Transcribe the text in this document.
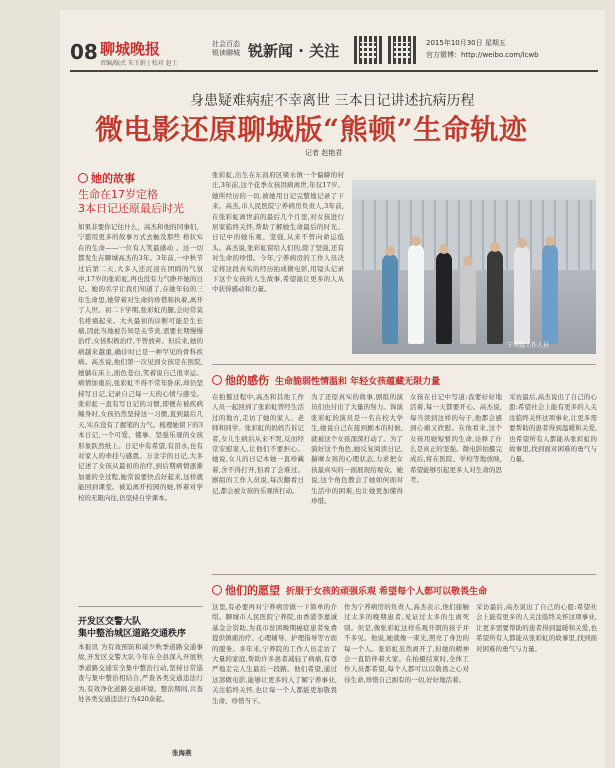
08 聊城晚报
责编/版式 朱玉娟 | 校对 赵士
社会百态 锐读聊城 锐新闻 · 关注	2015年10月30日 星期五
官方微博：http://weibo.com/lcwb
身患疑难病症不幸离世 三本日记讲述抗病历程
微电影还原聊城版“熊顿”生命轨迹
记者 赵艳君
她的故事
生命在17岁定格
3本日记还原最后时光
如果非要你记住什么，高杰和他的同事们，宁愿用更多的故事方式去触及那些 格状实在的生命——一位有人笑最感动 。这一切都发生在聊城高杰的3年。3年前,一中秋节过后第二天,大多人还沉浸在团圆的气氛中,17岁的张彩虹,再也没有力气睁开她的日记。她的名字让我们知道了,在她年轻的三年生命里,她带着对生命的珍惜和执着,离开了人世。初二下学期,张彩虹的腿,会时常莫名疼痛起来。大夫最初的诊断可能是生长痛,因此当地被告知是关节炎,需要长期慢慢治疗,女孩积极治疗,不曾放弃。但后来,她的病越来越重,确诊时已是一种罕见的骨科疾病。高杰说,他们第一次见到女孩是在医院,她躺在床上,面色苍白,笑着说自己很幸运。病情加重后,张彩虹不得不常年卧床,却仍坚持写日记,记录自己每一天的心情与感受。张彩虹一直有写日记的习惯,即便在被疾病缠身时,女孩仍然坚持这一习惯,直到最后几天,实在没有了握笔的力气。梳理她留下的3本日记,一个可爱、懂事、坚强乐观的女孩形象跃然纸上。日记中有希望,有泪水,也有对家人的牵挂与感恩。万念字的日记,大多记述了女孩从最初的治疗,到后期病情逐渐加重的全过程,她常说要快点好起来,这样就能回到课堂。被迫离开校园的她,怀着对学校的无限向往,仍坚持自学课本。
张彩虹,出生在东昌府区梁水镇一个偏僻的村庄,3年前,这个花季女孩因病离世,年仅17岁。她所经历的一切,被她用日记完整地记录了下来。高杰,市人民医院宁养病房负责人,3年前,在张彩虹离世前的最后几个月里,对女孩进行居家临终关怀,帮助了解她生命最后的时光。日记中的她乐观、坚强,从来不曾向命运低头。高杰说,张彩虹留给人们的,除了坚强,还有对生命的珍惜。今年,宁养病房的工作人员决定将这段真实的经历拍成微电影,用镜头记录下这个女孩的人生故事,希望能让更多的人从中获得感动和力量。
宁秀霞工作人员
他的感伤 生命脆弱性情温和 年轻女孩蕴藏无限力量
在拍摄过程中,高杰和其他工作人员一起回到了张彩虹曾经生活过的地方,走访了她的家人、老师和同学。张彩虹的妈妈告诉记者,女儿生病后从来不哭,反而经常安慰家人,让他们不要担心。她说,女儿的日记本她一直珍藏着,舍不得打开,怕看了会难过。剧组的工作人员说,每次翻看日记,都会被女孩的乐观所打动。
为了还原真实的故事,剧组的演员们也付出了大量的努力。饰演张彩虹的演员是一名在校大学生,她说自己在接到剧本的时候,就被这个女孩深深打动了。为了演好这个角色,她反复阅读日记,揣摩女孩的心理状态,力求把女孩最真实的一面展现给观众。她说,这个角色教会了她如何面对生活中的困难,也让她更加懂得珍惜。
女孩在日记中写道:我要好好地活着,每一天都要开心。高杰说,每当读到这样的句子,他都会感到心痛又欣慰。在他看来,这个女孩用她短暂的生命,诠释了什么是真正的坚强。微电影拍摄完成后,将在医院、学校等地放映,希望能够引起更多人对生命的思考。
采访最后,高杰说出了自己的心愿:希望社会上能有更多的人关注临终关怀这项事业,让更多需要帮助的患者得到温暖和关爱,也希望所有人都能从张彩虹的故事里,找到面对困难的勇气与力量。
他们的愿望 折服于女孩的顽强乐观 希望每个人都可以敬畏生命
这里,有必要再对宁养病房做一下简单的介绍。聊城市人民医院宁养院,由香港李嘉诚基金会资助,为我市贫困晚期癌症患者免费提供镇痛治疗、心理辅导、护理指导等方面的服务。多年来,宁养院的工作人员走访了大量的家庭,帮助许多患者减轻了病痛,有尊严地走完人生最后一段路。他们希望,通过这部微电影,能够让更多的人了解宁养事业,关注临终关怀,也让每一个人都能更加敬畏生命、珍惜当下。
作为宁养病房的负责人,高杰表示,他们接触过太多的晚期患者,见证过太多的生离死别。但是,像张彩虹这样乐观开朗的孩子并不多见。他说,她就像一束光,照亮了身边的每一个人。张彩虹虽然离开了,但她的精神会一直陪伴着大家。在拍摄结束时,全体工作人员都希望,每个人都可以以敬畏之心对待生命,珍惜自己拥有的一切,好好地活着。
采访最后,高杰说出了自己的心愿:希望社会上能有更多的人关注临终关怀这项事业,让更多需要帮助的患者得到温暖和关爱,也希望所有人都能从张彩虹的故事里,找到面对困难的勇气与力量。
开发区交警大队
集中整治城区道路交通秩序
本报讯 为有效预防和减少秋季道路交通事故,开发区交警大队今年在全县深入开展秋季道路交通安全集中整治行动,坚持日常巡查与集中整治相结合,严查各类交通违法行为,有效净化道路交通环境。整治期间,共查处各类交通违法行为420余起。
张海燕
